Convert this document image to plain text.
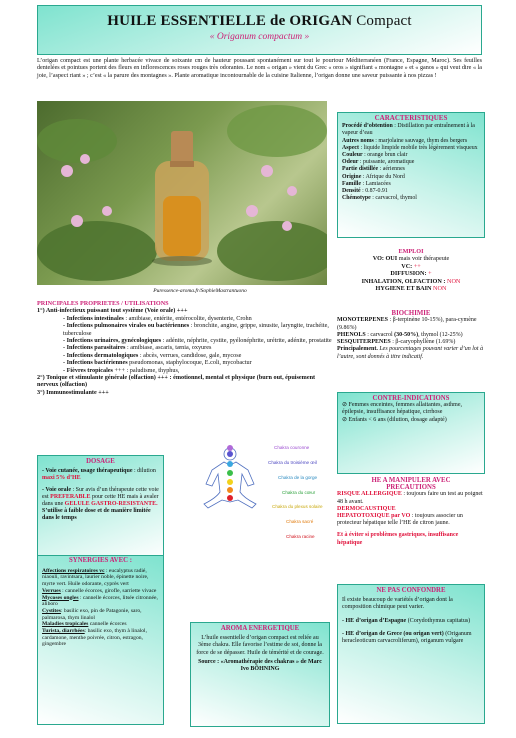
HUILE ESSENTIELLE de ORIGAN Compact
« Origanum compactum »
L’origan compact est une plante herbacée vivace de soixante cm de hauteur poussant spontanément sur tout le pourtour Méditerranéen (France, Espagne, Maroc). Ses feuilles dentelées et pointues portent des fleurs en inflorescences roses rouges très odorantes. Le nom « origan » vient du Grec « oros » signifiant « montagne » et « ganos » qui veut dire « la joie, l’aspect riant » ; c’est « la parure des montagnes ». Plante aromatique incontournable de la cuisine Italienne, l’origan donne une saveur puissante à nos pizzas !
Puressence-aroma.fr/SophieMastrantuono

PRINCIPALES PROPRIETES / UTILISATIONS

1°) Anti-infectieux puissant tout système (Voie orale) +++

- Infections intestinales : amibiase, entérite, entérocolite, dysenterie, Crohn

- Infections pulmonaires virales ou bactériennes : bronchite, angine, grippe, sinusite, laryngite, trachéite, tuberculose

- Infections urinaires, gynécologiques : adénite, néphrite, cystite, pyélonéphrite, urétrite, adénite, prostatite

- Infections parasitaires : amibiase, ascaris, tænia, oxyures

- Infections dermatologiques : abcès, verrues, candidose, gale, mycose

- Infections bactériennes pseudomonas, staphylocoque, E.coli, mycobactur

- Fièvres tropicales +++ : paludisme, thyphus,

2°) Tonique et stimulante générale (olfaction) +++ : émotionnel, mental et physique (burn out, épuisement nerveux (olfaction)

3°) Immunostimulante +++

CARACTERISTIQUES

Procédé d’obtention : Distillation par entraînement à la vapeur d’eau

Autres noms : marjolaine sauvage, thym des bergers

Aspect : liquide limpide mobile très légèrement visqueux

Couleur : orange brun clair

Odeur : puissante, aromatique

Partie distillée : aériennes

Origine : Afrique du Nord

Famille : Lamiacées

Densité : 0.87-0.91

Chémotype : carvacrol, thymol

EMPLOI

VO: OUI mais voir thérapeute

VC: ++

DIFFUSION: +

INHALATION, OLFACTION : NON

HYGIENE ET BAIN NON

BIOCHIMIE

MONOTERPENES : β-terpinène 10-15%), para-cymène (9.86%)

PHENOLS : carvacrol (30-50%), thymol (12-25%)

SESQUITERPENES : β-caryophyllène (1.69%)

Principalement. Les pourcentages pouvant varier d’un lot à l’autre, sont donnés à titre indicatif.

CONTRE-INDICATIONS

⊘ Femmes enceintes, femmes allaitantes, asthme, épilepsie, insuffisance hépatique, cirrhose

⊘ Enfants < 6 ans (dilution, dosage adapté)

HE A MANIPULER AVEC

PRECAUTIONS

RISQUE ALLERGIQUE : toujours faire un test au poignet 48 h avant.

DERMOCAUSTIQUE

HEPATOTOXIQUE par VO : toujours associer un protecteur hépatique telle l’HE de citron jaune.

Et à éviter si problèmes gastriques, insuffisance hépatique

NE PAS CONFONDRE

Il existe beaucoup de variétés d’origan dont la composition chimique peut varier.

- HE d’origan d’Espagne (Corydothymus capitatus)

- HE d’origan de Grece (ou origan vert) (Origanum heracleoticum carvacroliferum), origanum vulgare

DOSAGE

- Voie cutanée, usage thérapeutique : dilution maxi 5% d’HE

- Voie orale : Sur avis d’un thérapeute cette voie est PREFERABLE pour cette HE mais à avaler dans une GELULE GASTRO-RESISTANTE. S’utilise à faible dose et de manière limitée dans le temps

SYNERGIES AVEC :

Affections respiratoires vc : eucalyptus radié, niaouli, ravintsara, laurier noble, épinette noire, myrte vert. Huile odorante, cyprès vert

Verrues : cannelle écorces, girofle, sarriette vivace

Mycoses ongles : cannelle écorces, litsée citronnée, aliboro

Cystites: basilic exo, pin de Patagonie, saro, palmarosa, thym linalol

Maladies tropicales cannelle écorces

Turista, diarrhées: basilic exo, thym à linalol, cardamone, menthe poivrée, citron, estragon, gingembre

Chakra couronne
Chakra du troisième œil
Chakra de la gorge
Chakra du cœur
Chakra du plexus solaire
Chakra sacré
Chakra racine
AROMA ENERGETIQUE

L’huile essentielle d’origan compact est reliée au 3ème chakra. Elle favorise l’estime de soi, donne la force de se dépasser. Huile de témérité et de courage.

Source : «Aromathérapie des chakras » de Marc Ivo BÖHNING
